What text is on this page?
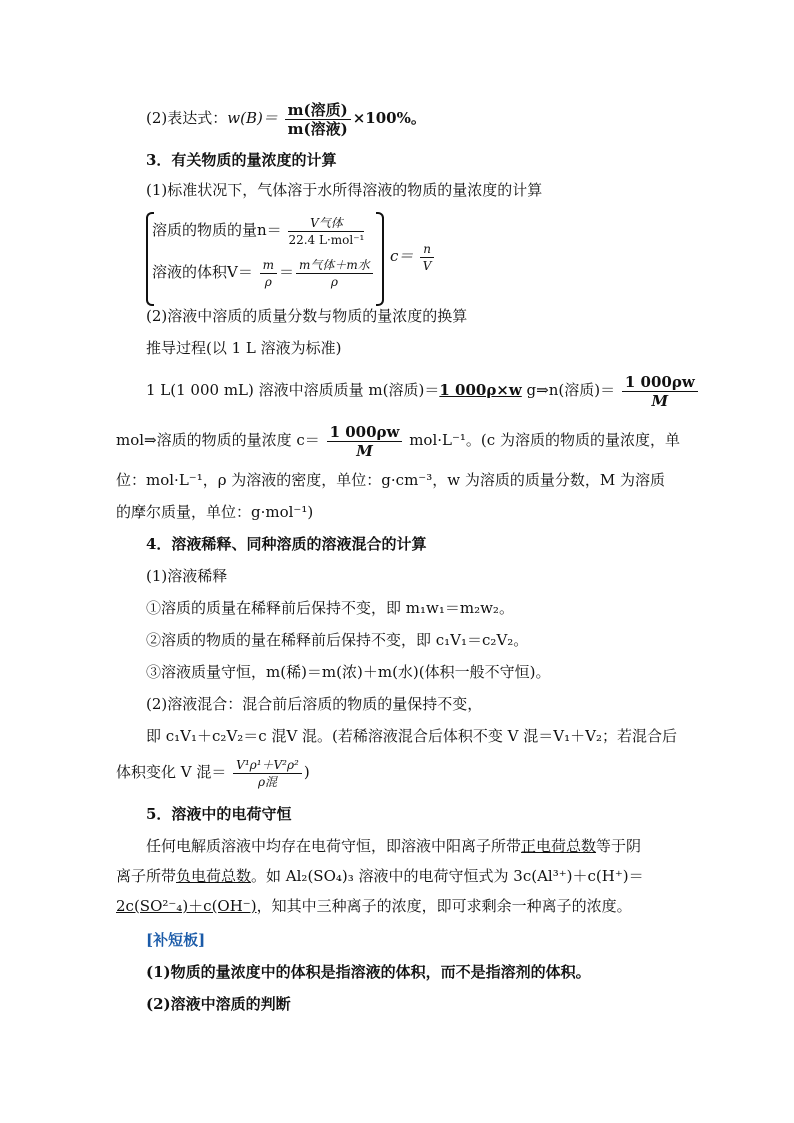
(2)表达式：$w(B)= \frac{\text{m(溶质)}}{\text{m(溶液)}} \times 100\%$。
3．有关物质的量浓度的计算
(1)标准状况下，气体溶于水所得溶液的物质的量浓度的计算
溶质的物质的量$n= \frac{\text{V气体}}{\text{22.4 L·mol⁻¹}}$
溶液的体积$V= \frac{m}{\rho} = \frac{\text{m气体＋m水}}{\rho}$
$c= \frac{n}{V}$
(2)溶液中溶质的质量分数与物质的量浓度的换算
推导过程(以 1 L 溶液为标准)
1 L(1 000 mL) 溶液中溶质质量 m(溶质)＝1 000ρ×w g⇒n(溶质)＝ $\frac{1 000\rho w}{M}$
mol⇒溶质的物质的量浓度 $c= \frac{1 000\rho w}{M} mol\cdot L^{-1}$。(c 为溶质的物质的量浓度，单
位：mol·L⁻¹，ρ 为溶液的密度，单位：g·cm⁻³，w 为溶质的质量分数，M 为溶质
的摩尔质量，单位：g·mol⁻¹)
4．溶液稀释、同种溶质的溶液混合的计算
(1)溶液稀释
①溶质的质量在稀释前后保持不变，即 m₁w₁＝m₂w₂。
②溶质的物质的量在稀释前后保持不变，即 c₁V₁＝c₂V₂。
③溶液质量守恒，m(稀)＝m(浓)＋m(水)(体积一般不守恒)。
(2)溶液混合：混合前后溶质的物质的量保持不变，
即 c₁V₁＋c₂V₂＝c 混V 混。(若稀溶液混合后体积不变 V 混＝V₁＋V₂；若混合后
体积变化 V 混＝ $\frac{\text{V¹ρ¹＋V²ρ²}}{\text{ρ混}}$ )
5．溶液中的电荷守恒
任何电解质溶液中均存在电荷守恒，即溶液中阳离子所带正电荷总数等于阴
离子所带负电荷总数。如 Al₂(SO₄)₃ 溶液中的电荷守恒式为 3c(Al³⁺)＋c(H⁺)＝
2c(SO²⁻₄)＋c(OH⁻)，知其中三种离子的浓度，即可求剩余一种离子的浓度。
[补短板]
(1)物质的量浓度中的体积是指溶液的体积，而不是指溶剂的体积。
(2)溶液中溶质的判断
